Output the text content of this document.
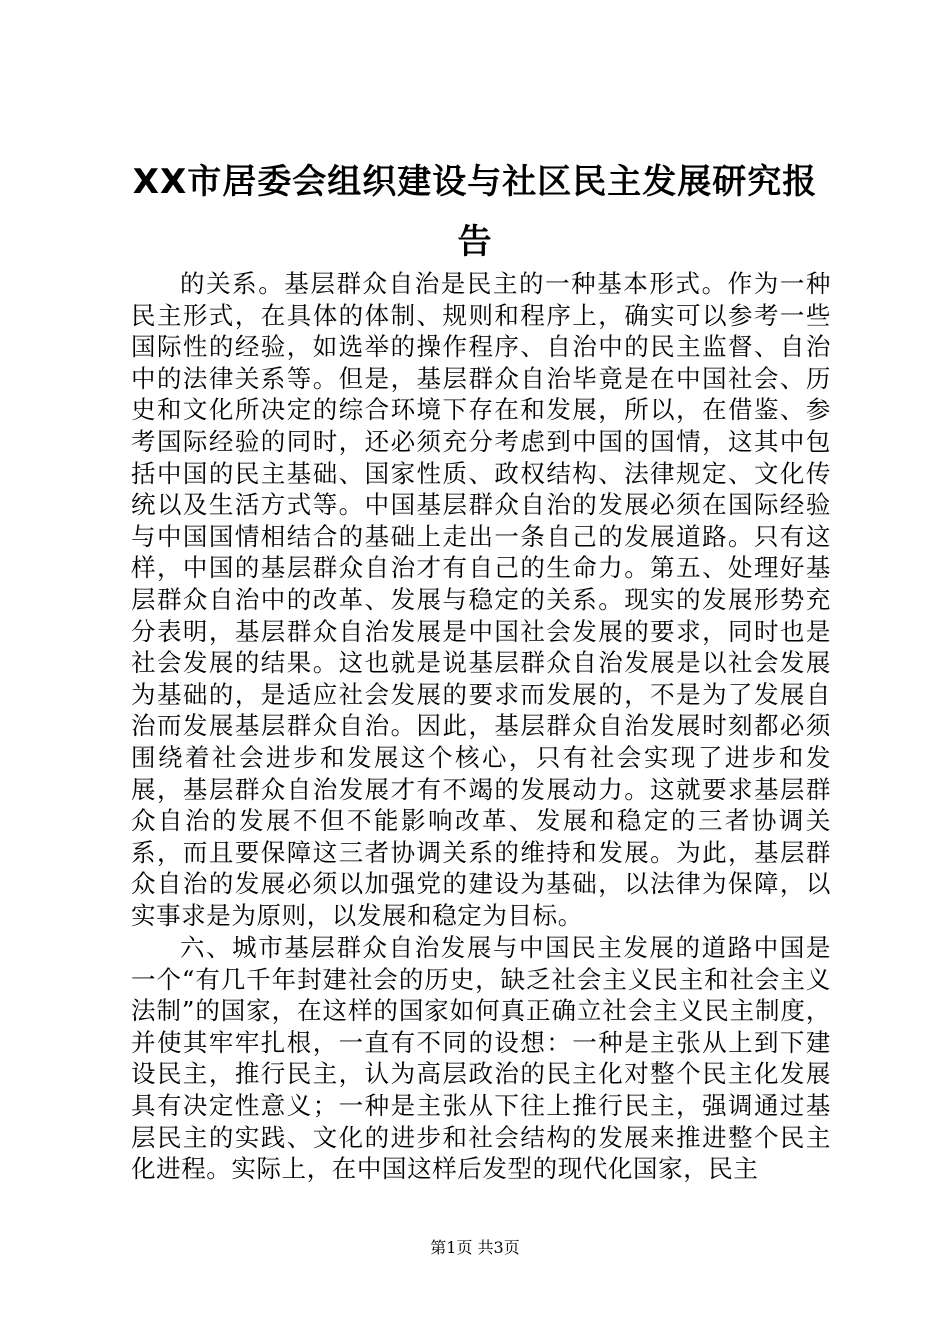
XX市居委会组织建设与社区民主发展研究报
告
的关系。基层群众自治是民主的一种基本形式。作为一种民主形式，在具体的体制、规则和程序上，确实可以参考一些国际性的经验，如选举的操作程序、自治中的民主监督、自治中的法律关系等。但是，基层群众自治毕竟是在中国社会、历史和文化所决定的综合环境下存在和发展，所以，在借鉴、参考国际经验的同时，还必须充分考虑到中国的国情，这其中包括中国的民主基础、国家性质、政权结构、法律规定、文化传统以及生活方式等。中国基层群众自治的发展必须在国际经验与中国国情相结合的基础上走出一条自己的发展道路。只有这样，中国的基层群众自治才有自己的生命力。第五、处理好基层群众自治中的改革、发展与稳定的关系。现实的发展形势充分表明，基层群众自治发展是中国社会发展的要求，同时也是社会发展的结果。这也就是说基层群众自治发展是以社会发展为基础的，是适应社会发展的要求而发展的，不是为了发展自治而发展基层群众自治。因此，基层群众自治发展时刻都必须围绕着社会进步和发展这个核心，只有社会实现了进步和发展，基层群众自治发展才有不竭的发展动力。这就要求基层群众自治的发展不但不能影响改革、发展和稳定的三者协调关系，而且要保障这三者协调关系的维持和发展。为此，基层群众自治的发展必须以加强党的建设为基础，以法律为保障，以实事求是为原则，以发展和稳定为目标。
六、城市基层群众自治发展与中国民主发展的道路中国是一个“有几千年封建社会的历史，缺乏社会主义民主和社会主义法制”的国家，在这样的国家如何真正确立社会主义民主制度，并使其牢牢扎根，一直有不同的设想：一种是主张从上到下建设民主，推行民主，认为高层政治的民主化对整个民主化发展具有决定性意义；一种是主张从下往上推行民主，强调通过基层民主的实践、文化的进步和社会结构的发展来推进整个民主化进程。实际上，在中国这样后发型的现代化国家，民主
第1页 共3页
